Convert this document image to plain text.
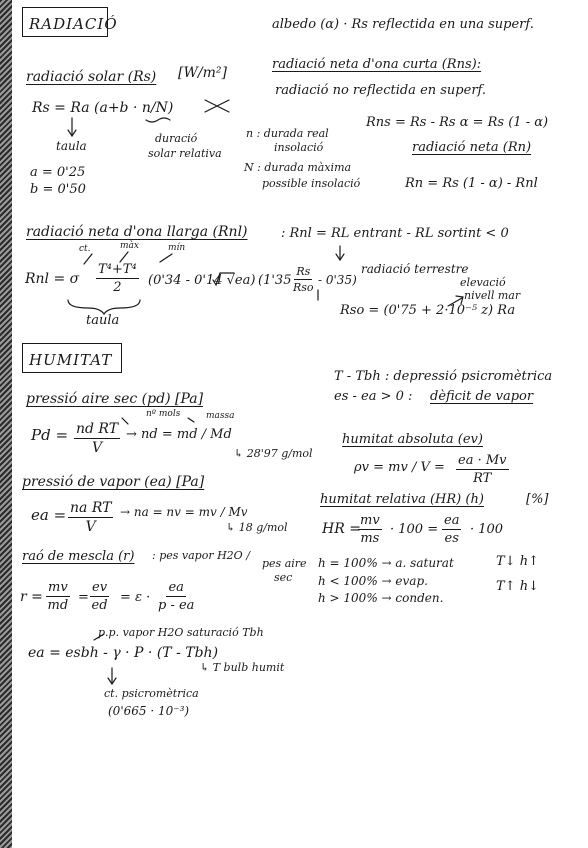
RADIACIÓ	albedo (α) · Rs reflectida en una superf.
radiació neta d'ona curta (Rns):
radiació no reflectida en superf.
radiació solar (Rs) [W/m²]
Rs = Ra (a+b · n/N)
Rns = Rs - Rs α = Rs (1 - α)
taula
duració
solar relativa
n : durada real
insolació
N : durada màxima
possible insolació
radiació neta (Rn)
Rn = Rs (1 - α) - Rnl
a = 0'25
b = 0'50
radiació neta d'ona llarga (Rnl)	: Rnl = RL entrant - RL sortint < 0
ct.	màx	mín
Rnl = σ $\frac{\text{T⁴+T⁴}}{2} (0'34 - 0'14$ √ea) (1'35
Rs
Rso
- 0'35)
radiació terrestre
taula
Rso = (0'75 + 2·10⁻⁵ z) Ra
elevació
nivell mar
HUMITAT
T - Tbh : depressió psicromètrica
es - ea > 0 : dèficit de vapor
pressió aire sec (pd) [Pa]
nº mols	massa
$Pd = \frac{\text{nd RT}}{V}$ → nd = md / Md
↳ 28'97 g/mol
humitat absoluta (ev)
ρv = mv / $V = \frac{ea \cdot Mv}{RT}$
pressió de vapor (ea) [Pa]
ea = $\frac{\text{na RT}}{V}$ → na = nv = mv / Mv
↳ 18 g/mol
humitat relativa (HR) (h)	[%]
HR =
$\frac{mv}{ms} \cdot 100 = \frac{ea}{es} \cdot 100$
raó de mescla (r) : pes vapor H2O /
pes aire
sec
h = 100% → a. saturat
h < 100% → evap.
h > 100% → conden.
T↓ h↑
T↑ h↓
$r = \frac{mv}{md} = \frac{ev}{ed} = \varepsilon \cdot \frac{ea}{p - ea}$
p.p. vapor H2O saturació Tbh
ea = esbh - γ · P · (T - Tbh)
↳ T bulb humit
ct. psicromètrica
(0'665 · 10⁻³)
